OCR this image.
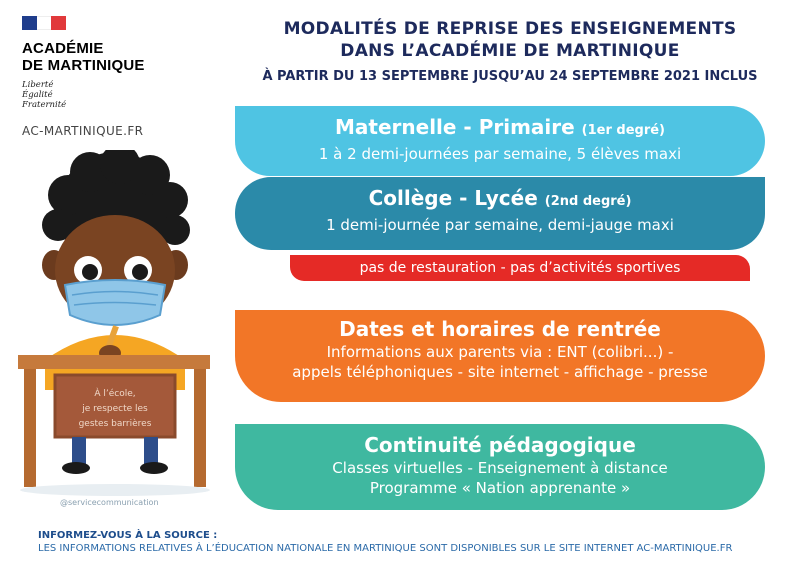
ACADÉMIE
DE MARTINIQUE
Liberté
Égalité
Fraternité
AC-MARTINIQUE.FR
MODALITÉS DE REPRISE DES ENSEIGNEMENTS
DANS L’ACADÉMIE DE MARTINIQUE
À PARTIR DU 13 SEPTEMBRE JUSQU’AU 24 SEPTEMBRE 2021 INCLUS
À l’école,
je respecte les
gestes barrières
@servicecommunication
Maternelle - Primaire (1er degré)
1 à 2 demi-journées par semaine, 5 élèves maxi
Collège - Lycée (2nd degré)
1 demi-journée par semaine, demi-jauge maxi
pas de restauration - pas d’activités sportives
Dates et horaires de rentrée
Informations aux parents via : ENT (colibri...) -
appels téléphoniques - site internet - affichage - presse
Continuité pédagogique
Classes virtuelles - Enseignement à distance
Programme « Nation apprenante »
INFORMEZ-VOUS À LA SOURCE :
LES INFORMATIONS RELATIVES À L’ÉDUCATION NATIONALE EN MARTINIQUE SONT DISPONIBLES SUR LE SITE INTERNET AC-MARTINIQUE.FR
